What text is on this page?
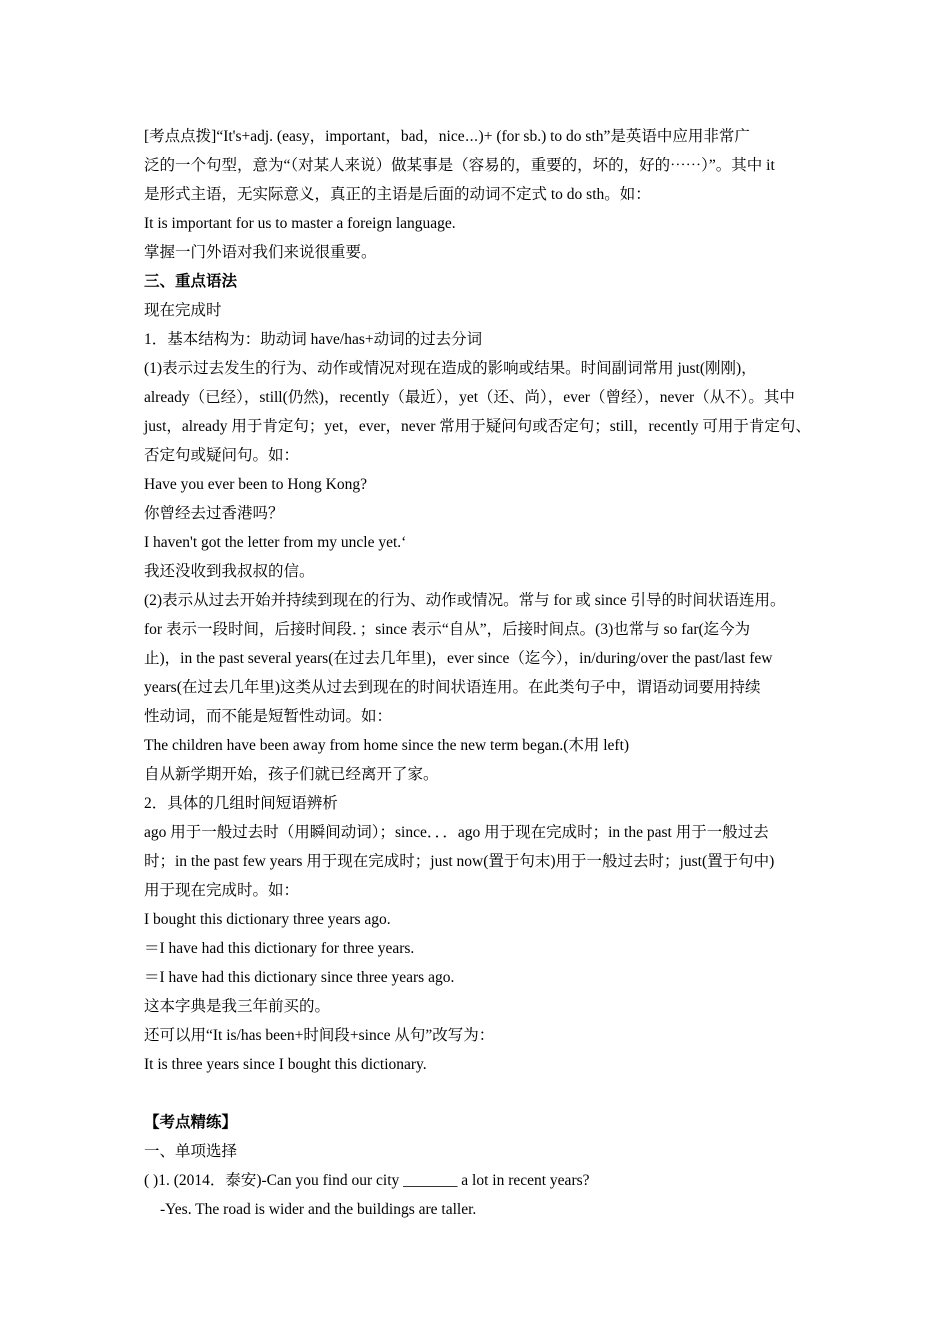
[考点点拨]“It's+adj. (easy，important，bad，nice⋯)+ (for sb.) to do sth”是英语中应用非常广
泛的一个句型，意为“（对某人来说）做某事是（容易的，重要的，坏的，好的⋯⋯）”。其中 it
是形式主语，无实际意义，真正的主语是后面的动词不定式 to do sth。如：
It is important for us to master a foreign language.
掌握一门外语对我们来说很重要。
三、重点语法
现在完成时
1．基本结构为：助动词 have/has+动词的过去分词
(1)表示过去发生的行为、动作或情况对现在造成的影响或结果。时间副词常用 just(刚刚)，
already（已经），still(仍然)，recently（最近），yet（还、尚），ever（曾经），never（从不）。其中
just，already 用于肯定句；yet，ever，never 常用于疑问句或否定句；still，recently 可用于肯定句、
否定句或疑问句。如：
Have you ever been to Hong Kong?
你曾经去过香港吗？
I haven't got the letter from my uncle yet.‘
我还没收到我叔叔的信。
(2)表示从过去开始并持续到现在的行为、动作或情况。常与 for 或 since 引导的时间状语连用。
for 表示一段时间，后接时间段．；since 表示“自从”，后接时间点。(3)也常与 so far(迄今为
止)，in the past several years(在过去几年里)，ever since（迄今），in/during/over the past/last few
years(在过去几年里)这类从过去到现在的时间状语连用。在此类句子中，谓语动词要用持续
性动词，而不能是短暂性动词。如：
The children have been away from home since the new term began.(木用 left)
自从新学期开始，孩子们就已经离开了家。
2．具体的几组时间短语辨析
ago 用于一般过去时（用瞬间动词）；since．．．ago 用于现在完成时；in the past 用于一般过去
时；in the past few years 用于现在完成时；just now(置于句末)用于一般过去时；just(置于句中)
用于现在完成时。如：
I bought this dictionary three years ago.
＝I have had this dictionary for three years.
＝I have had this dictionary since three years ago.
这本字典是我三年前买的。
还可以用“It is/has been+时间段+since 从句”改写为：
It is three years since I bought this dictionary.
【考点精练】
一、单项选择
( )1. (2014．泰安)-Can you find our city _______ a lot in recent years?
-Yes. The road is wider and the buildings are taller.
